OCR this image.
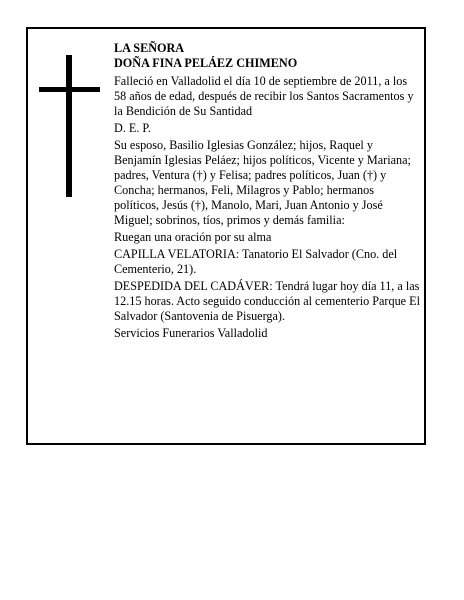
LA SEÑORA
DOÑA FINA PELÁEZ CHIMENO

Falleció en Valladolid el día 10 de septiembre de 2011, a los 58 años de edad, después de recibir los Santos Sacramentos y la Bendición de Su Santidad

D. E. P.

Su esposo, Basilio Iglesias González; hijos, Raquel y Benjamín Iglesias Peláez; hijos políticos, Vicente y Mariana; padres, Ventura (†) y Felisa; padres políticos, Juan (†) y Concha; hermanos, Feli, Milagros y Pablo; hermanos políticos, Jesús (†), Manolo, Mari, Juan Antonio y José Miguel; sobrinos, tíos, primos y demás familia:

Ruegan una oración por su alma

CAPILLA VELATORIA: Tanatorio El Salvador (Cno. del Cementerio, 21).

DESPEDIDA DEL CADÁVER: Tendrá lugar hoy día 11, a las 12.15 horas. Acto seguido conducción al cementerio Parque El Salvador (Santovenia de Pisuerga).

Servicios Funerarios Valladolid
